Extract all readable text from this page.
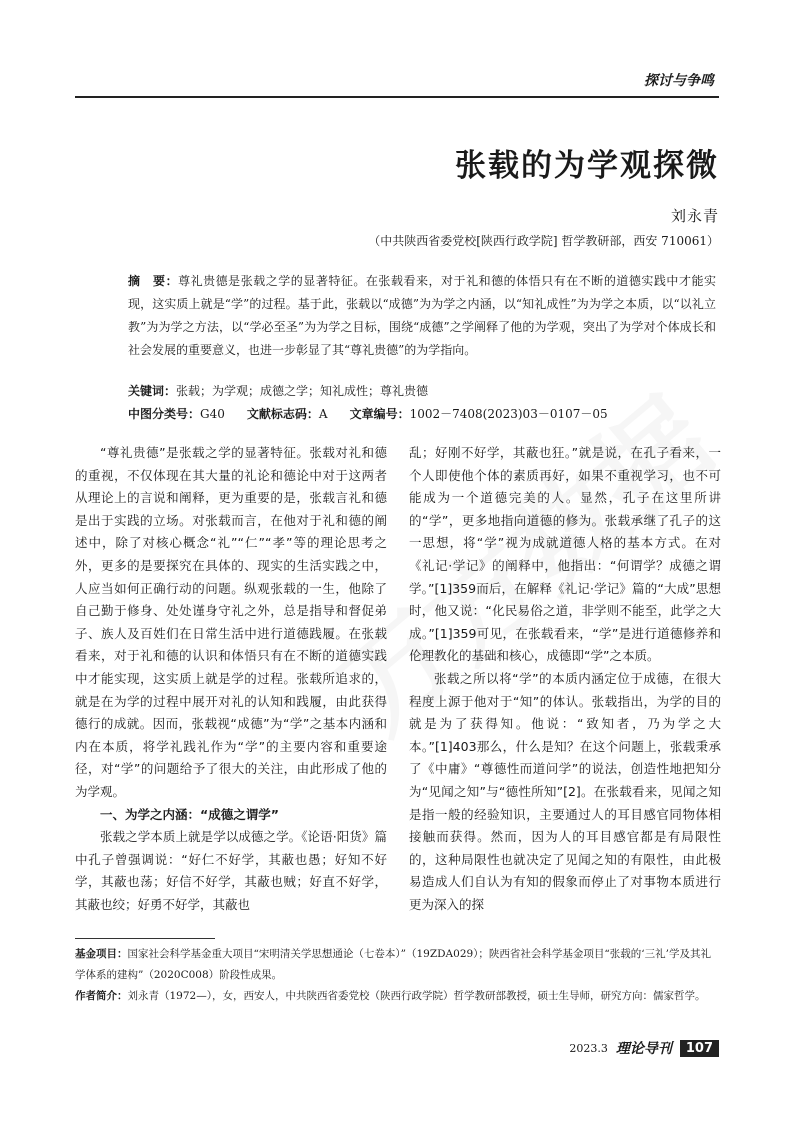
探讨与争鸣
张载的为学观探微
刘永青
（中共陕西省委党校[陕西行政学院] 哲学教研部，西安 710061）
摘　要：尊礼贵德是张载之学的显著特征。在张载看来，对于礼和德的体悟只有在不断的道德实践中才能实现，这实质上就是“学”的过程。基于此，张载以“成德”为为学之内涵，以“知礼成性”为为学之本质，以“以礼立教”为为学之方法，以“学必至圣”为为学之目标，围绕“成德”之学阐释了他的为学观，突出了为学对个体成长和社会发展的重要意义，也进一步彰显了其“尊礼贵德”的为学指向。
关键词：张载；为学观；成德之学；知礼成性；尊礼贵德
中图分类号：G40 文献标志码：A 文章编号：1002－7408(2023)03－0107－05

“尊礼贵德”是张载之学的显著特征。张载对礼和德的重视，不仅体现在其大量的礼论和德论中对于这两者从理论上的言说和阐释，更为重要的是，张载言礼和德是出于实践的立场。对张载而言，在他对于礼和德的阐述中，除了对核心概念“礼”“仁”“孝”等的理论思考之外，更多的是要探究在具体的、现实的生活实践之中，人应当如何正确行动的问题。纵观张载的一生，他除了自己勤于修身、处处谨身守礼之外，总是指导和督促弟子、族人及百姓们在日常生活中进行道德践履。在张载看来，对于礼和德的认识和体悟只有在不断的道德实践中才能实现，这实质上就是学的过程。张载所追求的，就是在为学的过程中展开对礼的认知和践履，由此获得德行的成就。因而，张载视“成德”为“学”之基本内涵和内在本质，将学礼践礼作为“学”的主要内容和重要途径，对“学”的问题给予了很大的关注，由此形成了他的为学观。

一、为学之内涵：“成德之谓学”

张载之学本质上就是学以成德之学。《论语·阳货》篇中孔子曾强调说：“好仁不好学，其蔽也愚；好知不好学，其蔽也荡；好信不好学，其蔽也贼；好直不好学，其蔽也绞；好勇不好学，其蔽也

乱；好刚不好学，其蔽也狂。”就是说，在孔子看来，一个人即使他个体的素质再好，如果不重视学习，也不可能成为一个道德完美的人。显然，孔子在这里所讲的“学”，更多地指向道德的修为。张载承继了孔子的这一思想，将“学”视为成就道德人格的基本方式。在对《礼记·学记》的阐释中，他指出：“何谓学？成德之谓学。”[1]359而后，在解释《礼记·学记》篇的“大成”思想时，他又说：“化民易俗之道，非学则不能至，此学之大成。”[1]359可见，在张载看来，“学”是进行道德修养和伦理教化的基础和核心，成德即“学”之本质。

张载之所以将“学”的本质内涵定位于成德，在很大程度上源于他对于“知”的体认。张载指出，为学的目的就是为了获得知。他说：“致知者，乃为学之大本。”[1]403那么，什么是知？在这个问题上，张载秉承了《中庸》“尊德性而道问学”的说法，创造性地把知分为“见闻之知”与“德性所知”[2]。在张载看来，见闻之知是指一般的经验知识，主要通过人的耳目感官同物体相接触而获得。然而，因为人的耳目感官都是有局限性的，这种局限性也就决定了见闻之知的有限性，由此极易造成人们自认为有知的假象而停止了对事物本质进行更为深入的探

基金项目：国家社会科学基金重大项目“宋明清关学思想通论（七卷本）”（19ZDA029）；陕西省社会科学基金项目“张载的‘三礼’学及其礼学体系的建构”（2020C008）阶段性成果。
作者简介：刘永青（1972—），女，西安人，中共陕西省委党校（陕西行政学院）哲学教研部教授，硕士生导师，研究方向：儒家哲学。
2023.3 理论导刊	107
